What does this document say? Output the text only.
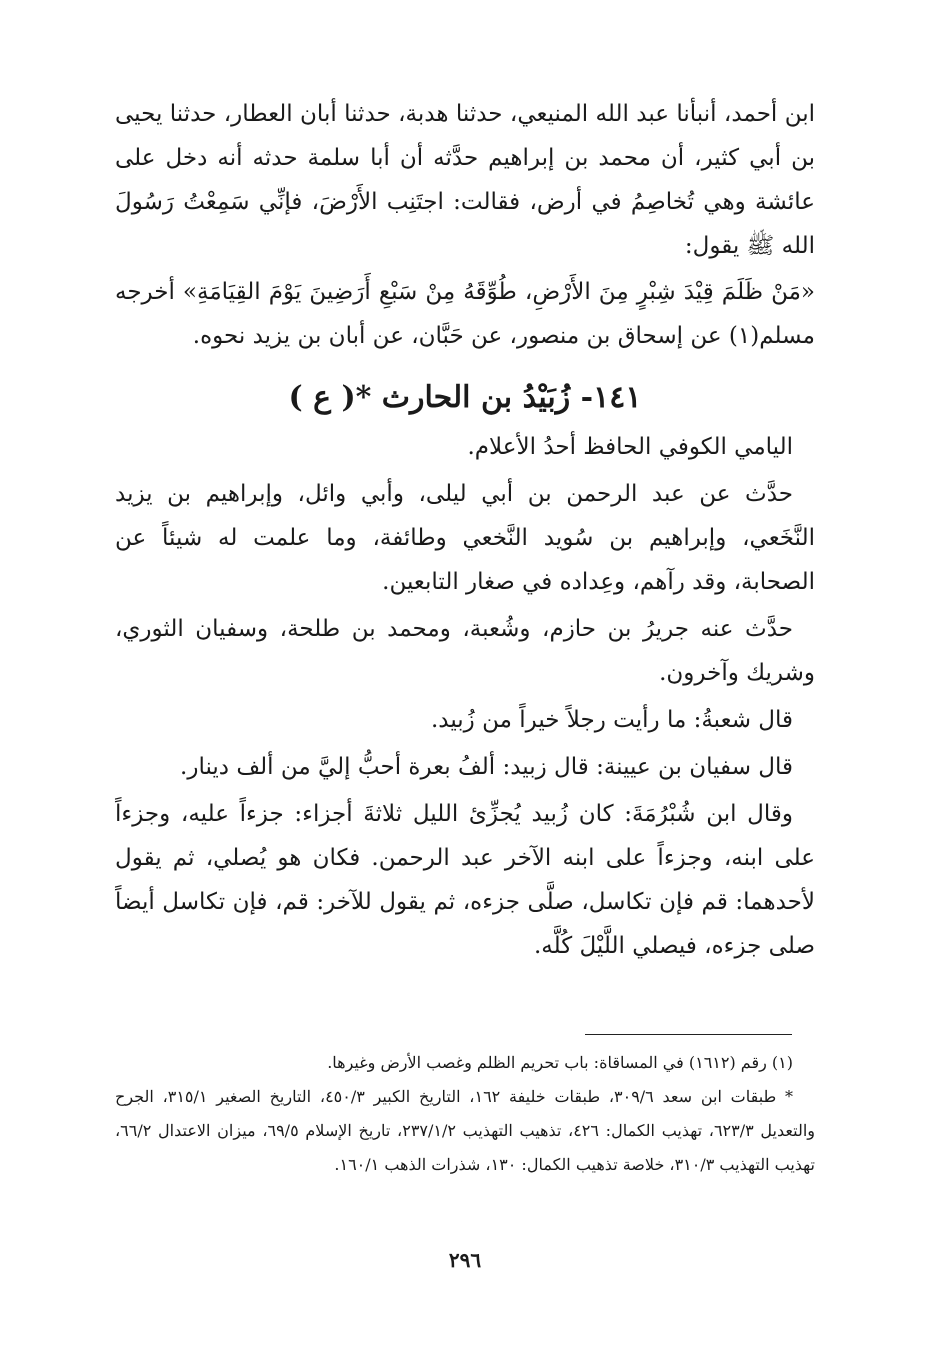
ابن أحمد، أنبأنا عبد الله المنيعي، حدثنا هدبة، حدثنا أبان العطار، حدثنا يحيى بن أبي كثير، أن محمد بن إبراهيم حدَّثه أن أبا سلمة حدثه أنه دخل على عائشة وهي تُخاصِمُ في أرض، فقالت: اجتَنِب الأَرْضَ، فإنِّي سَمِعْتُ رَسُولَ الله ﷺ يقول:

«مَنْ ظَلَمَ قِيْدَ شِبْرٍ مِنَ الأَرْضِ، طُوِّقَهُ مِنْ سَبْعِ أَرَضِينَ يَوْمَ القِيَامَةِ» أخرجه مسلم(١) عن إسحاق بن منصور، عن حَبَّان، عن أبان بن يزيد نحوه.

١٤١- زُبَيْدُ بن الحارث *( ع )

اليامي الكوفي الحافظ أحدُ الأعلام.

حدَّث عن عبد الرحمن بن أبي ليلى، وأبي وائل، وإبراهيم بن يزيد النَّخَعي، وإبراهيم بن سُويد النَّخعي وطائفة، وما علمت له شيئاً عن الصحابة، وقد رآهم، وعِداده في صغار التابعين.

حدَّث عنه جريرُ بن حازم، وشُعبة، ومحمد بن طلحة، وسفيان الثوري، وشريك وآخرون.

قال شعبةُ: ما رأيت رجلاً خيراً من زُبيد.

قال سفيان بن عيينة: قال زبيد: ألفُ بعرة أحبُّ إليَّ من ألف دينار.

وقال ابن شُبْرُمَةَ: كان زُبيد يُجزِّئ الليل ثلاثةَ أجزاء: جزءاً عليه، وجزءاً على ابنه، وجزءاً على ابنه الآخر عبد الرحمن. فكان هو يُصلي، ثم يقول لأحدهما: قم فإن تكاسل، صلَّى جزءه، ثم يقول للآخر: قم، فإن تكاسل أيضاً صلى جزءه، فيصلي اللَّيْلَ كُلَّه.

(١) رقم (١٦١٢) في المساقاة: باب تحريم الظلم وغصب الأرض وغيرها.

* طبقات ابن سعد ٣٠٩/٦، طبقات خليفة ١٦٢، التاريخ الكبير ٤٥٠/٣، التاريخ الصغير ٣١٥/١، الجرح والتعديل ٦٢٣/٣، تهذيب الكمال: ٤٢٦، تذهيب التهذيب ٢٣٧/١/٢، تاريخ الإسلام ٦٩/٥، ميزان الاعتدال ٦٦/٢، تهذيب التهذيب ٣١٠/٣، خلاصة تذهيب الكمال: ١٣٠، شذرات الذهب ١٦٠/١.

٢٩٦
